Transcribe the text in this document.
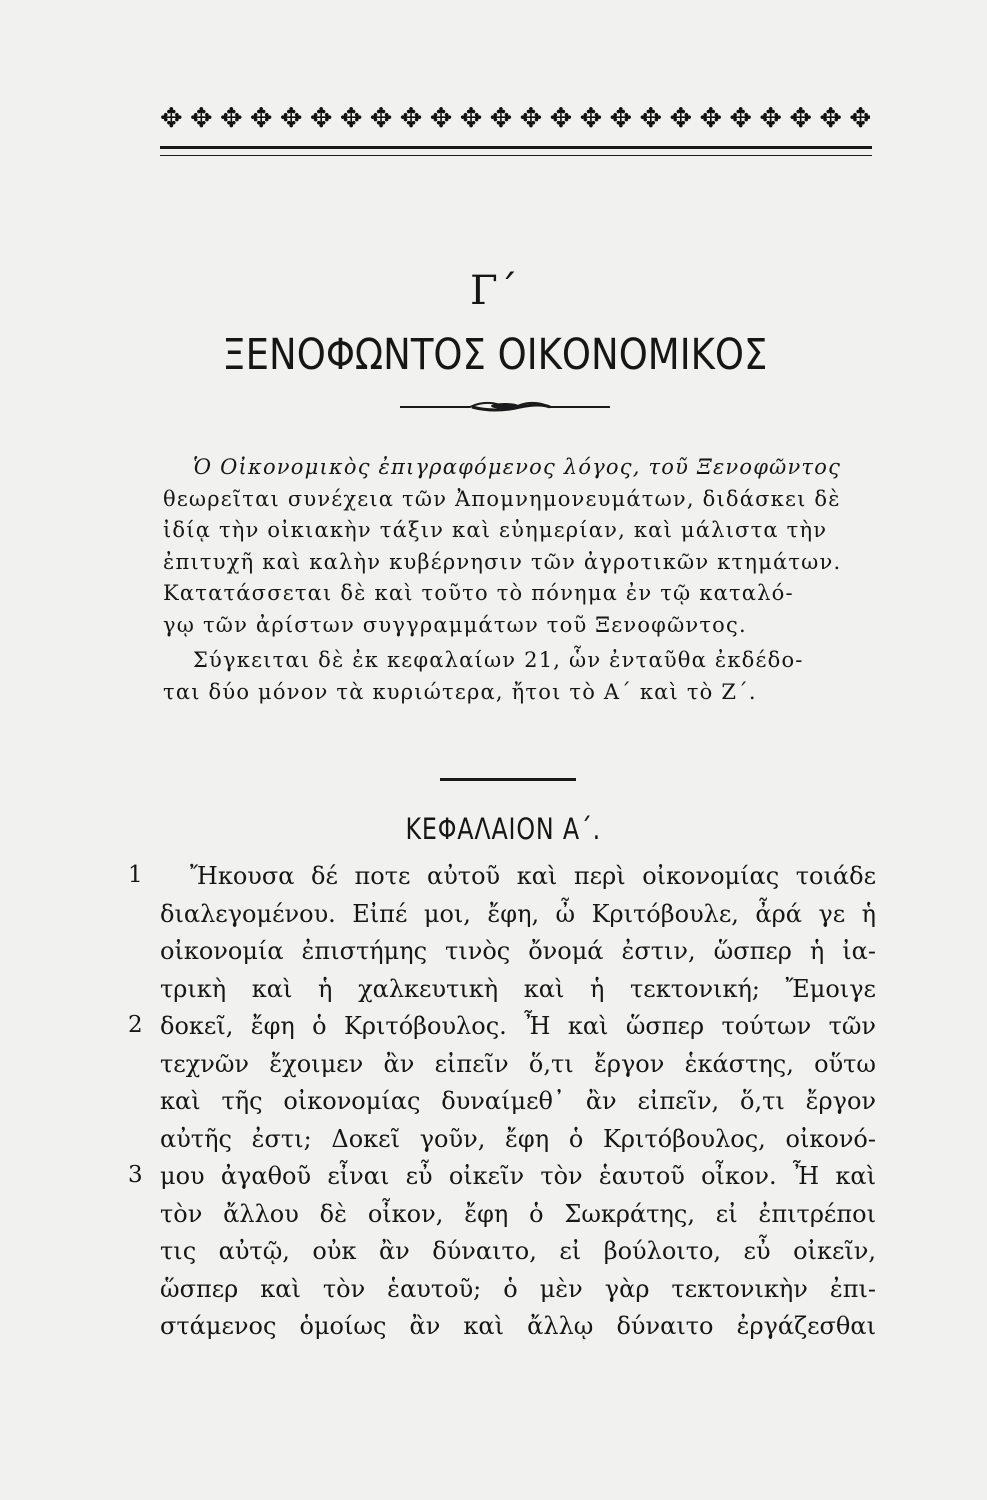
✥ ✥ ✥ ✥ ✥ ✥ ✥ ✥ ✥ ✥ ✥ ✥ ✥ ✥ ✥ ✥ ✥ ✥ ✥ ✥ ✥ ✥ ✥ ✥
Γ΄
ΞΕΝΟΦΩΝΤΟΣ ΟΙΚΟΝΟΜΙΚΟΣ

Ὁ Οἰκονομικὸς ἐπιγραφόμενος λόγος, τοῦ Ξενοφῶντος
θεωρεῖται συνέχεια τῶν Ἀπομνημονευμάτων, διδάσκει δὲ
ἰδίᾳ τὴν οἰκιακὴν τάξιν καὶ εὐημερίαν, καὶ μάλιστα τὴν
ἐπιτυχῆ καὶ καλὴν κυβέρνησιν τῶν ἀγροτικῶν κτημάτων.
Κατατάσσεται δὲ καὶ τοῦτο τὸ πόνημα ἐν τῷ καταλό-
γῳ τῶν ἀρίστων συγγραμμάτων τοῦ Ξενοφῶντος.

Σύγκειται δὲ ἐκ κεφαλαίων 21, ὧν ἐνταῦθα ἐκδέδο-
ται δύο μόνον τὰ κυριώτερα, ἤτοι τὸ Α΄ καὶ τὸ Ζ΄.

ΚΕΦΑΛΑΙΟΝ Α΄.
1
2
3
Ἤκουσα δέ ποτε αὐτοῦ καὶ περὶ οἰκονομίας τοιάδε
διαλεγομένου. Εἰπέ μοι, ἔφη, ὦ Κριτόβουλε, ἆρά γε ἡ
οἰκονομία ἐπιστήμης τινὸς ὄνομά ἐστιν, ὥσπερ ἡ ἰα-
τρικὴ καὶ ἡ χαλκευτικὴ καὶ ἡ τεκτονική; Ἔμοιγε
δοκεῖ, ἔφη ὁ Κριτόβουλος. Ἦ καὶ ὥσπερ τούτων τῶν
τεχνῶν ἔχοιμεν ἂν εἰπεῖν ὅ,τι ἔργον ἑκάστης, οὕτω
καὶ τῆς οἰκονομίας δυναίμεθ᾽ ἂν εἰπεῖν, ὅ,τι ἔργον
αὐτῆς ἐστι; Δοκεῖ γοῦν, ἔφη ὁ Κριτόβουλος, οἰκονό-
μου ἀγαθοῦ εἶναι εὖ οἰκεῖν τὸν ἑαυτοῦ οἶκον. Ἦ καὶ
τὸν ἄλλου δὲ οἶκον, ἔφη ὁ Σωκράτης, εἰ ἐπιτρέποι
τις αὐτῷ, οὐκ ἂν δύναιτο, εἰ βούλοιτο, εὖ οἰκεῖν,
ὥσπερ καὶ τὸν ἑαυτοῦ; ὁ μὲν γὰρ τεκτονικὴν ἐπι-
στάμενος ὁμοίως ἂν καὶ ἄλλῳ δύναιτο ἐργάζεσθαι
